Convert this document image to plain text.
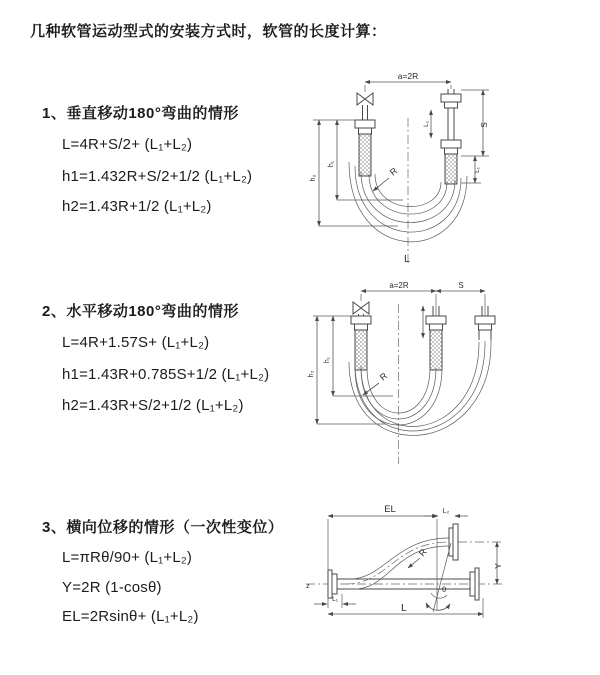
几种软管运动型式的安装方式时，软管的长度计算：
1、垂直移动180°弯曲的情形
L=4R+S/2+ (L₁+L₂)
h1=1.432R+S/2+1/2 (L₁+L₂)
h2=1.43R+1/2 (L₁+L₂)
2、水平移动180°弯曲的情形
L=4R+1.57S+ (L₁+L₂)
h1=1.43R+0.785S+1/2 (L₁+L₂)
h2=1.43R+S/2+1/2 (L₁+L₂)
3、横向位移的情形（一次性变位）
L=πRθ/90+ (L₁+L₂)
Y=2R (1-cosθ)
EL=2Rsinθ+ (L₁+L₂)
a=2R
R
h₁
h₂
S
L₁
L₁
L
a=2R	S
R
h₁
h₂
z
EL	L₂
R
θ
Y
L₁
L
